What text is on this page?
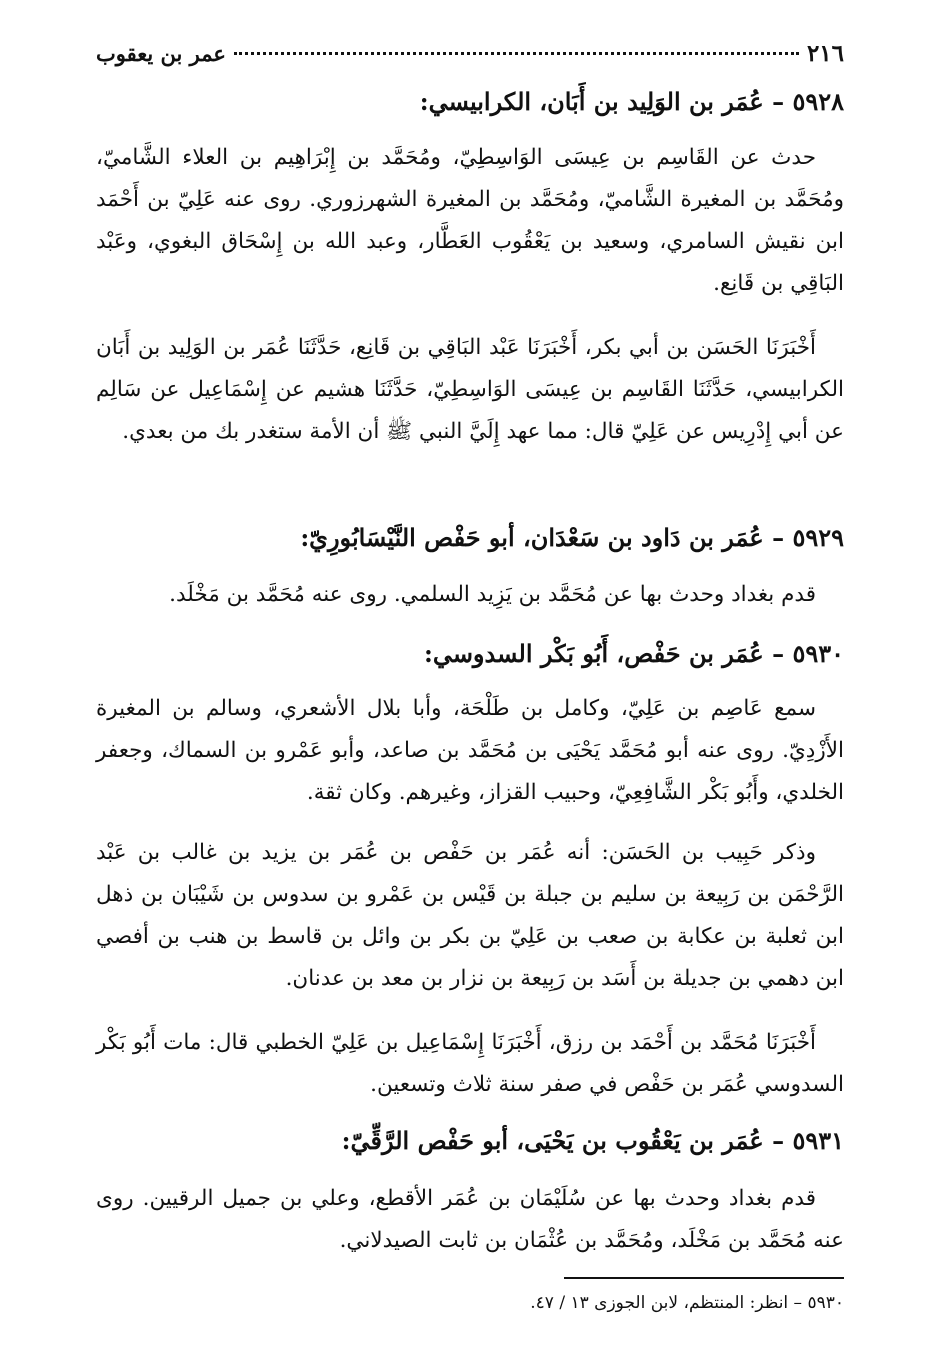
٢١٦
عمر بن يعقوب
٥٩٢٨ – عُمَر بن الوَلِيد بن أَبَان، الكرابيسي:

حدث عن القَاسِم بن عِيسَى الوَاسِطِيّ، ومُحَمَّد بن إِبْرَاهِيم بن العلاء الشَّاميّ، ومُحَمَّد بن المغيرة الشَّاميّ، ومُحَمَّد بن المغيرة الشهرزوري. روى عنه عَلِيّ بن أَحْمَد ابن نقيش السامري، وسعيد بن يَعْقُوب العَطَّار، وعبد الله بن إِسْحَاق البغوي، وعَبْد البَاقِي بن قَانِع.

أَخْبَرَنَا الحَسَن بن أبي بكر، أَخْبَرَنَا عَبْد البَاقِي بن قَانِع، حَدَّثَنَا عُمَر بن الوَلِيد بن أَبَان الكرابيسي، حَدَّثَنَا القَاسِم بن عِيسَى الوَاسِطِيّ، حَدَّثَنَا هشيم عن إِسْمَاعِيل عن سَالِم عن أبي إِدْرِيس عن عَلِيّ قال: مما عهد إِلَيَّ النبي ﷺ أن الأمة ستغدر بك من بعدي.

٥٩٢٩ – عُمَر بن دَاود بن سَعْدَان، أبو حَفْص النَّيْسَابُورِيّ:

قدم بغداد وحدث بها عن مُحَمَّد بن يَزِيد السلمي. روى عنه مُحَمَّد بن مَخْلَد.

٥٩٣٠ – عُمَر بن حَفْص، أَبُو بَكْر السدوسي:

سمع عَاصِم بن عَلِيّ، وكامل بن طَلْحَة، وأبا بلال الأشعري، وسالم بن المغيرة الأَزْدِيّ. روى عنه أبو مُحَمَّد يَحْيَى بن مُحَمَّد بن صاعد، وأبو عَمْرو بن السماك، وجعفر الخلدي، وأَبُو بَكْر الشَّافِعِيّ، وحبيب القزاز، وغيرهم. وكان ثقة.

وذكر حَبِيب بن الحَسَن: أنه عُمَر بن حَفْص بن عُمَر بن يزيد بن غالب بن عَبْد الرَّحْمَن بن رَبِيعة بن سليم بن جبلة بن قَيْس بن عَمْرو بن سدوس بن شَيْبَان بن ذهل ابن ثعلبة بن عكابة بن صعب بن عَلِيّ بن بكر بن وائل بن قاسط بن هنب بن أفصي ابن دهمي بن جديلة بن أَسَد بن رَبِيعة بن نزار بن معد بن عدنان.

أَخْبَرَنَا مُحَمَّد بن أَحْمَد بن رزق، أَخْبَرَنَا إِسْمَاعِيل بن عَلِيّ الخطبي قال: مات أَبُو بَكْر السدوسي عُمَر بن حَفْص في صفر سنة ثلاث وتسعين.

٥٩٣١ – عُمَر بن يَعْقُوب بن يَحْيَى، أبو حَفْص الرَّقِّيّ:

قدم بغداد وحدث بها عن سُلَيْمَان بن عُمَر الأقطع، وعلي بن جميل الرقيين. روى عنه مُحَمَّد بن مَخْلَد، ومُحَمَّد بن عُثْمَان بن ثابت الصيدلاني.

٥٩٣٠ – انظر: المنتظم، لابن الجوزى ١٣ / ٤٧.
